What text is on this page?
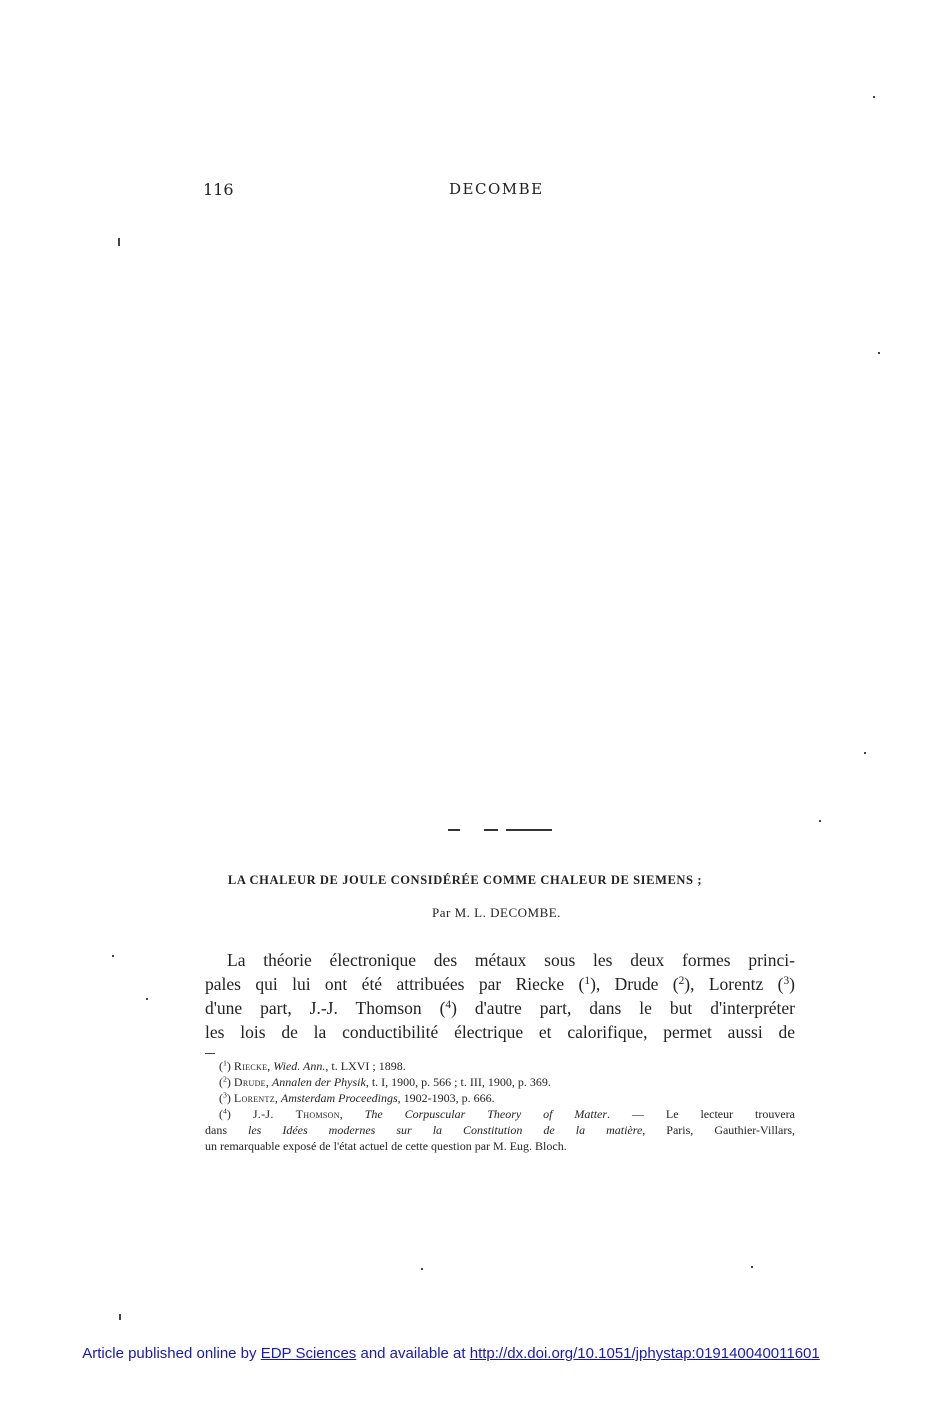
116	DECOMBE
LA CHALEUR DE JOULE CONSIDÉRÉE COMME CHALEUR DE SIEMENS ;
Par M. L. DECOMBE.
La théorie électronique des métaux sous les deux formes princi-
pales qui lui ont été attribuées par Riecke ($^1$), Drude ($^2$), Lorentz ($^3$)
d'une part, J.-J. Thomson ($^4$) d'autre part, dans le but d'interpréter
les lois de la conductibilité électrique et calorifique, permet aussi de
($^1$) Riecke, Wied. Ann., t. LXVI ; 1898.
($^2$) Drude, Annalen der Physik, t. I, 1900, p. 566 ; t. III, 1900, p. 369.
($^3$) Lorentz, Amsterdam Proceedings, 1902-1903, p. 666.
($^4$) J.-J. Thomson, The Corpuscular Theory of Matter. — Le lecteur trouvera
dans les Idées modernes sur la Constitution de la matière, Paris, Gauthier-Villars,
un remarquable exposé de l'état actuel de cette question par M. Eug. Bloch.
Article published online by EDP Sciences and available at http://dx.doi.org/10.1051/jphystap:019140040011601
